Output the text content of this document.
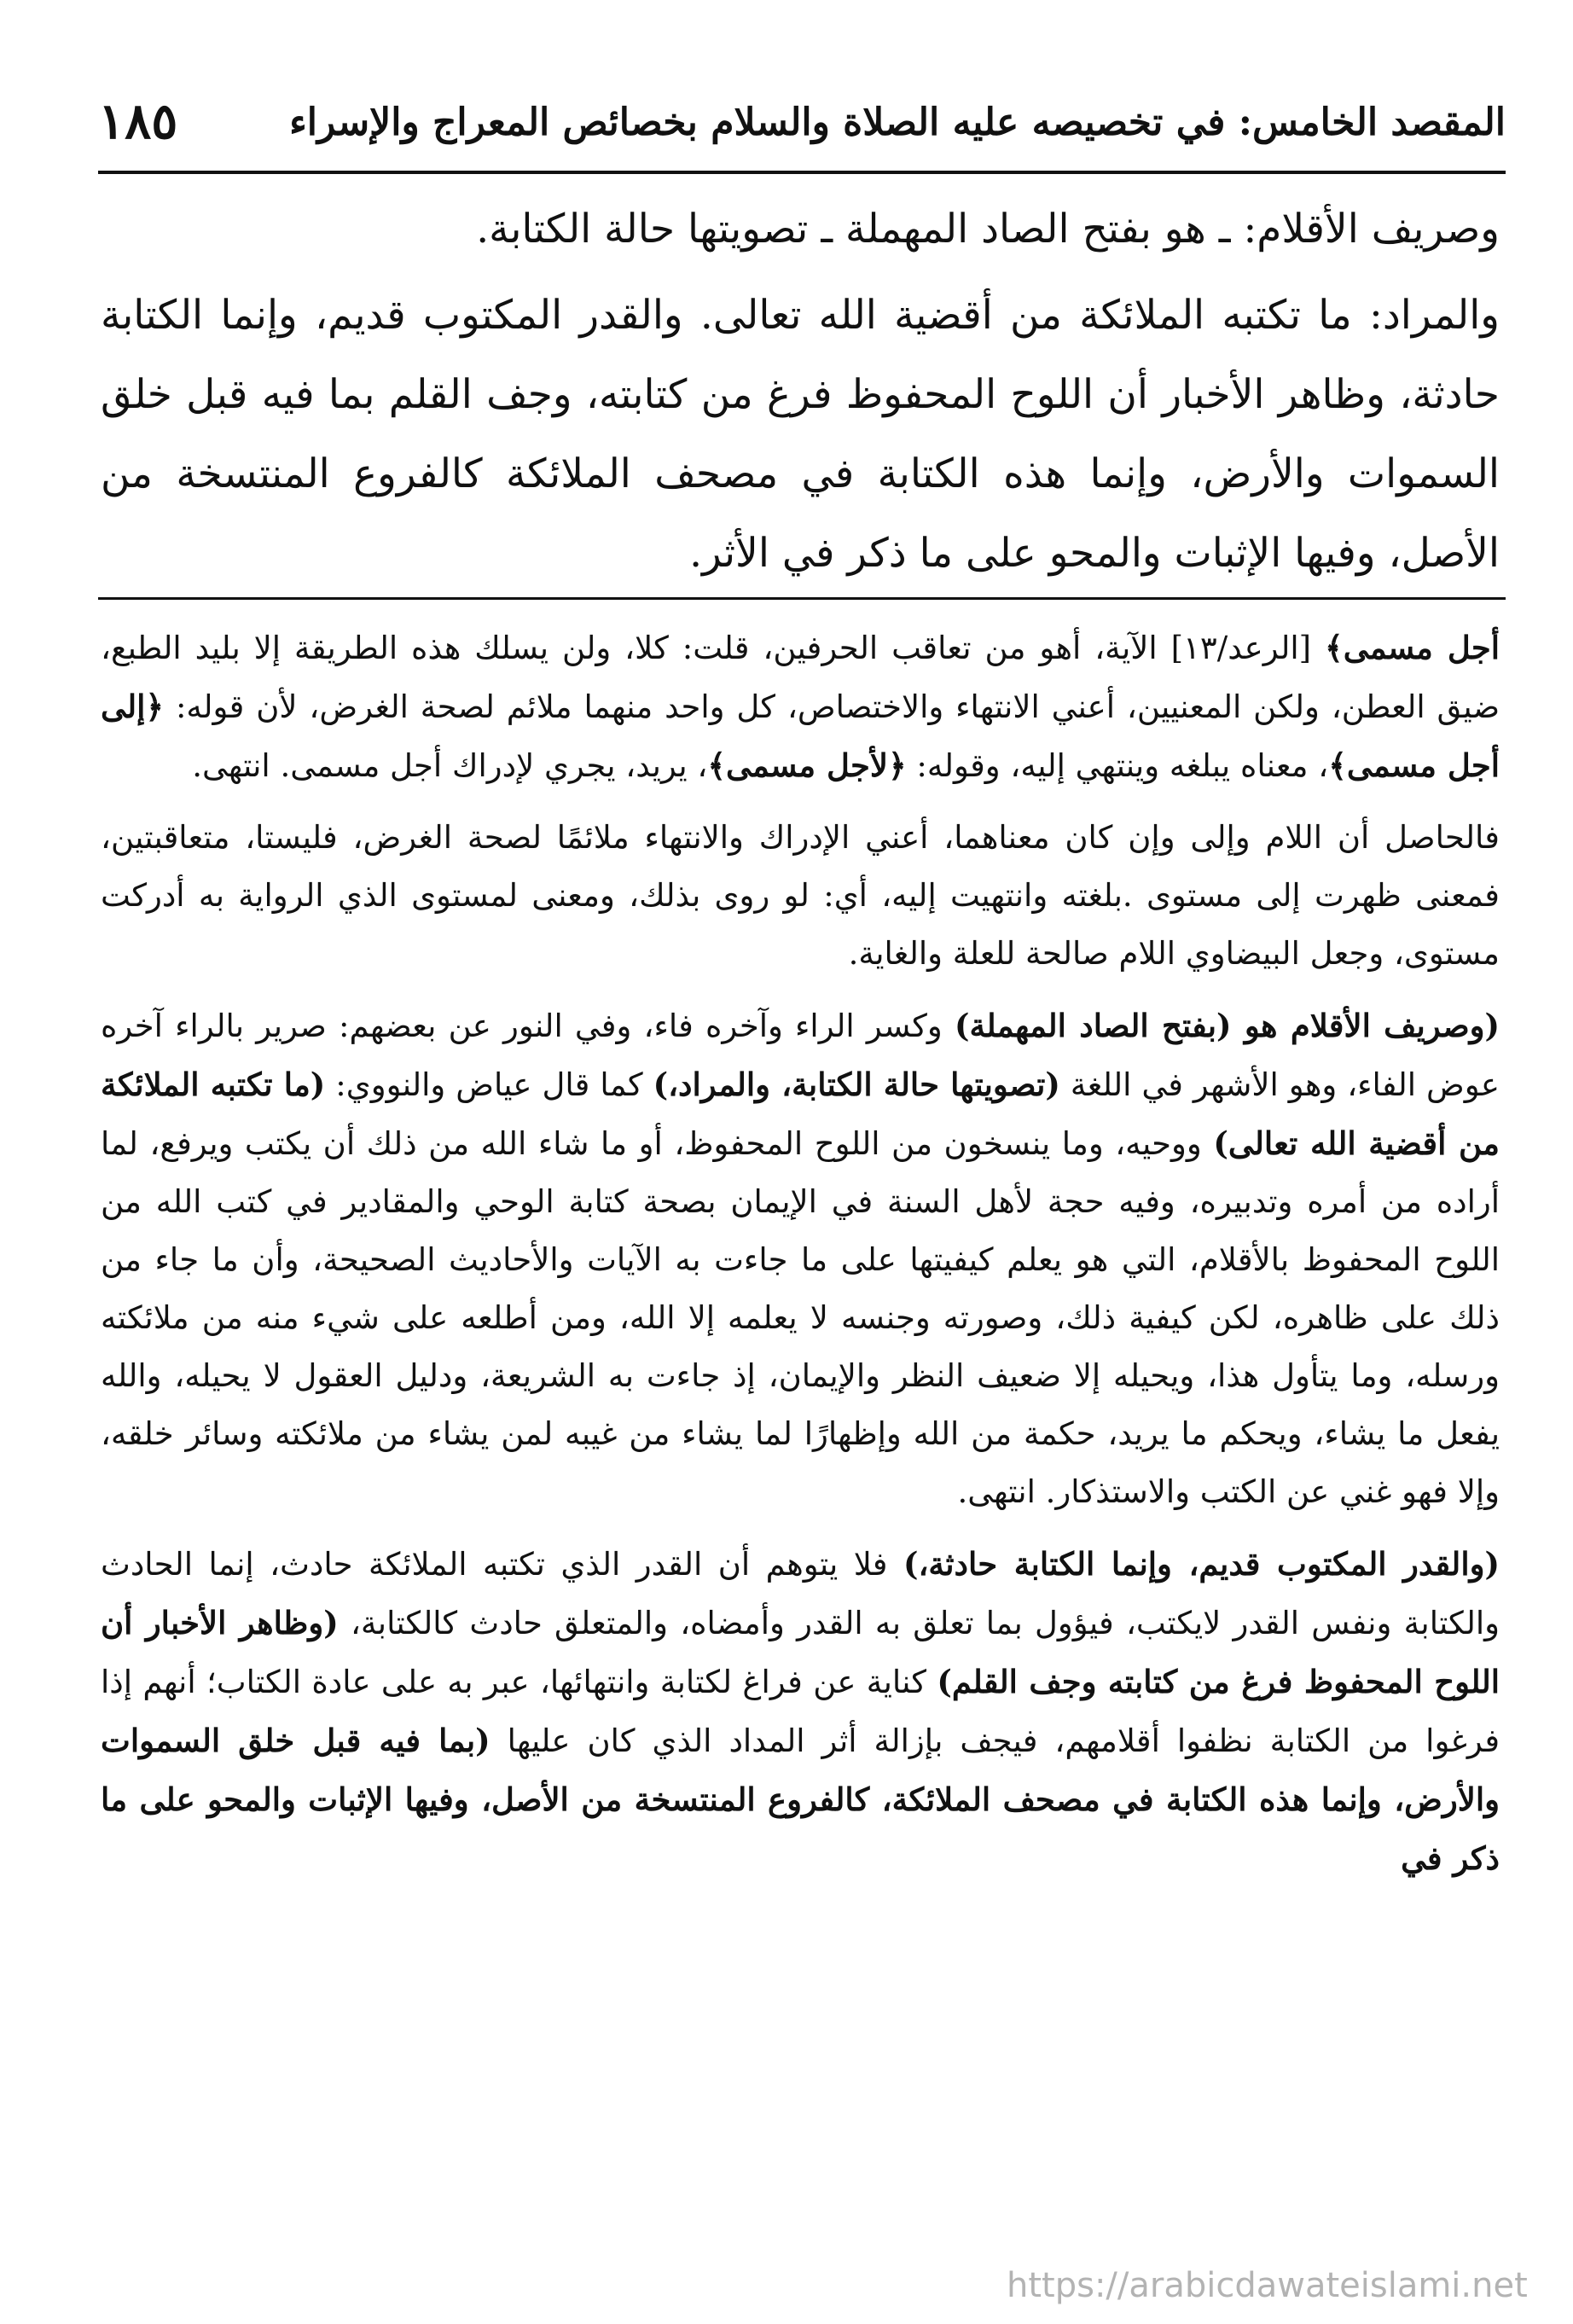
المقصد الخامس: في تخصيصه عليه الصلاة والسلام بخصائص المعراج والإسراء
١٨٥

وصريف الأقلام: ـ هو بفتح الصاد المهملة ـ تصويتها حالة الكتابة.

والمراد: ما تكتبه الملائكة من أقضية الله تعالى. والقدر المكتوب قديم، وإنما الكتابة حادثة، وظاهر الأخبار أن اللوح المحفوظ فرغ من كتابته، وجف القلم بما فيه قبل خلق السموات والأرض، وإنما هذه الكتابة في مصحف الملائكة كالفروع المنتسخة من الأصل، وفيها الإثبات والمحو على ما ذكر في الأثر.

أجل مسمى﴾ [الرعد/١٣] الآية، أهو من تعاقب الحرفين، قلت: كلا، ولن يسلك هذه الطريقة إلا بليد الطبع، ضيق العطن، ولكن المعنيين، أعني الانتهاء والاختصاص، كل واحد منهما ملائم لصحة الغرض، لأن قوله: ﴿إلى أجل مسمى﴾، معناه يبلغه وينتهي إليه، وقوله: ﴿لأجل مسمى﴾، يريد، يجري لإدراك أجل مسمى. انتهى.

فالحاصل أن اللام وإلى وإن كان معناهما، أعني الإدراك والانتهاء ملائمًا لصحة الغرض، فليستا، متعاقبتين، فمعنى ظهرت إلى مستوى .بلغته وانتهيت إليه، أي: لو روى بذلك، ومعنى لمستوى الذي الرواية به أدركت مستوى، وجعل البيضاوي اللام صالحة للعلة والغاية.

(وصريف الأقلام هو (بفتح الصاد المهملة) وكسر الراء وآخره فاء، وفي النور عن بعضهم: صرير بالراء آخره عوض الفاء، وهو الأشهر في اللغة (تصويتها حالة الكتابة، والمراد،) كما قال عياض والنووي: (ما تكتبه الملائكة من أقضية الله تعالى) ووحيه، وما ينسخون من اللوح المحفوظ، أو ما شاء الله من ذلك أن يكتب ويرفع، لما أراده من أمره وتدبيره، وفيه حجة لأهل السنة في الإيمان بصحة كتابة الوحي والمقادير في كتب الله من اللوح المحفوظ بالأقلام، التي هو يعلم كيفيتها على ما جاءت به الآيات والأحاديث الصحيحة، وأن ما جاء من ذلك على ظاهره، لكن كيفية ذلك، وصورته وجنسه لا يعلمه إلا الله، ومن أطلعه على شيء منه من ملائكته ورسله، وما يتأول هذا، ويحيله إلا ضعيف النظر والإيمان، إذ جاءت به الشريعة، ودليل العقول لا يحيله، والله يفعل ما يشاء، ويحكم ما يريد، حكمة من الله وإظهارًا لما يشاء من غيبه لمن يشاء من ملائكته وسائر خلقه، وإلا فهو غني عن الكتب والاستذكار. انتهى.

(والقدر المكتوب قديم، وإنما الكتابة حادثة،) فلا يتوهم أن القدر الذي تكتبه الملائكة حادث، إنما الحادث والكتابة ونفس القدر لايكتب، فيؤول بما تعلق به القدر وأمضاه، والمتعلق حادث كالكتابة، (وظاهر الأخبار أن اللوح المحفوظ فرغ من كتابته وجف القلم) كناية عن فراغ لكتابة وانتهائها، عبر به على عادة الكتاب؛ أنهم إذا فرغوا من الكتابة نظفوا أقلامهم، فيجف بإزالة أثر المداد الذي كان عليها (بما فيه قبل خلق السموات والأرض، وإنما هذه الكتابة في مصحف الملائكة، كالفروع المنتسخة من الأصل، وفيها الإثبات والمحو على ما ذكر في

https://arabicdawateislami.net
